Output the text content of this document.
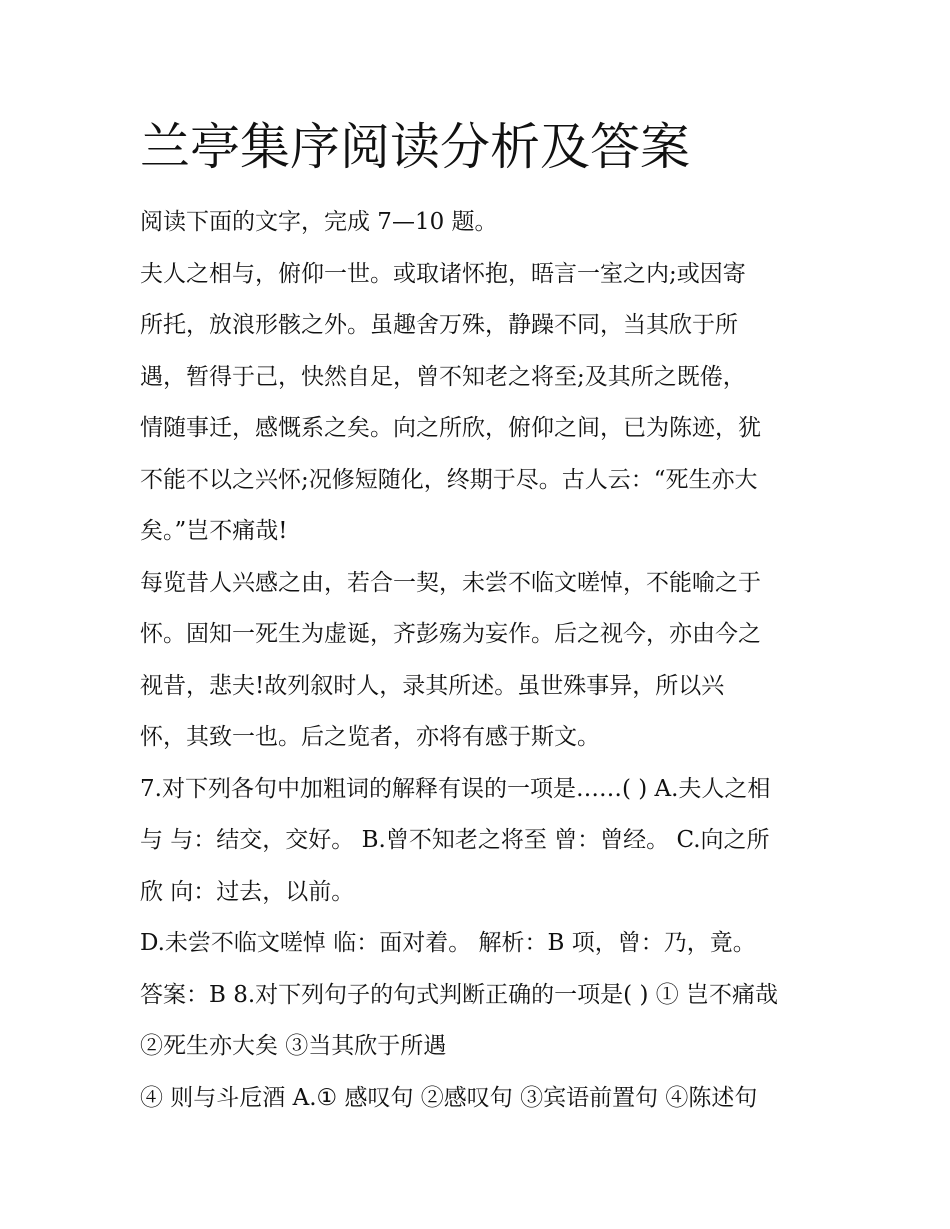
兰亭集序阅读分析及答案
阅读下面的文字，完成 7—10 题。
夫人之相与，俯仰一世。或取诸怀抱，晤言一室之内;或因寄
所托，放浪形骸之外。虽趣舍万殊，静躁不同，当其欣于所
遇，暂得于己，快然自足，曾不知老之将至;及其所之既倦，
情随事迁，感慨系之矣。向之所欣，俯仰之间，已为陈迹，犹
不能不以之兴怀;况修短随化，终期于尽。古人云：“死生亦大
矣。”岂不痛哉!
每览昔人兴感之由，若合一契，未尝不临文嗟悼，不能喻之于
怀。固知一死生为虚诞，齐彭殇为妄作。后之视今，亦由今之
视昔，悲夫!故列叙时人，录其所述。虽世殊事异，所以兴
怀，其致一也。后之览者，亦将有感于斯文。
7.对下列各句中加粗词的解释有误的一项是……( ) A.夫人之相
与 与：结交，交好。 B.曾不知老之将至 曾：曾经。 C.向之所
欣 向：过去，以前。
D.未尝不临文嗟悼 临：面对着。 解析：B 项，曾：乃，竟。
答案：B 8.对下列句子的句式判断正确的一项是( ) ① 岂不痛哉
②死生亦大矣 ③当其欣于所遇
④ 则与斗卮酒 A.① 感叹句 ②感叹句 ③宾语前置句 ④陈述句
